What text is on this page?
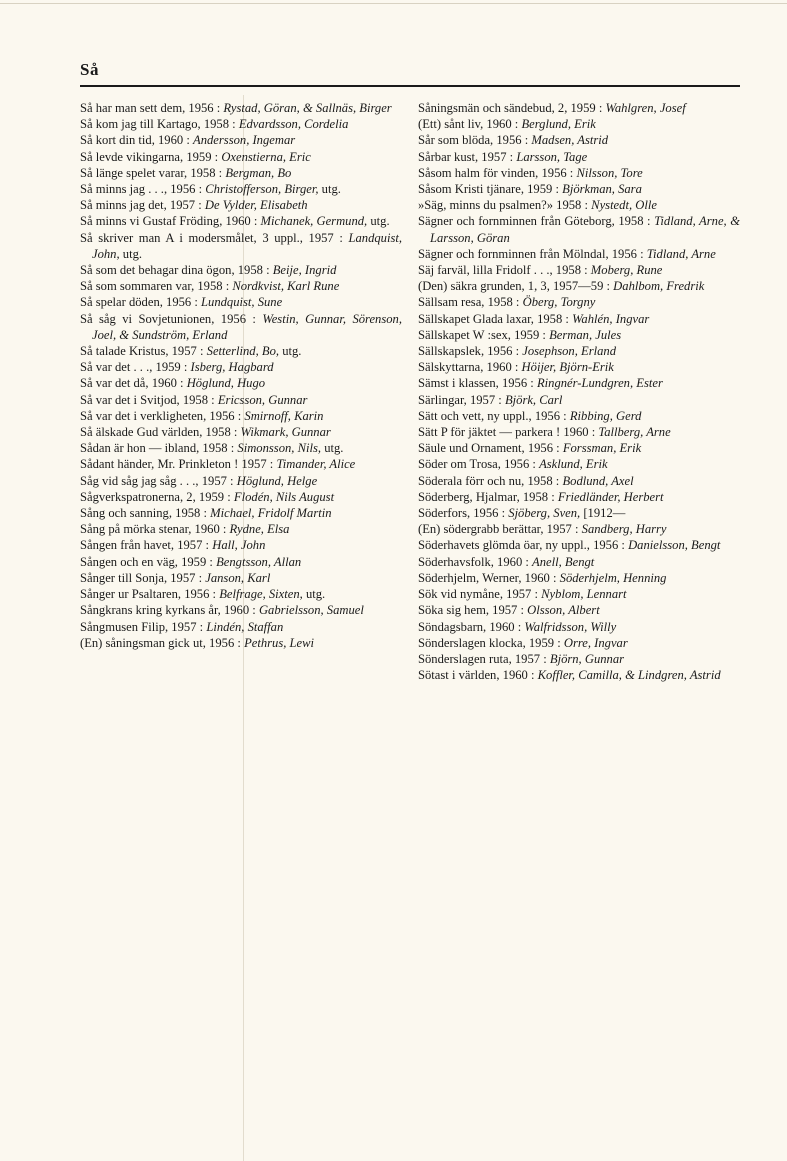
Så
Så har man sett dem, 1956 : Rystad, Göran, & Sallnäs, Birger
Så kom jag till Kartago, 1958 : Edvardsson, Cordelia
Så kort din tid, 1960 : Andersson, Ingemar
Så levde vikingarna, 1959 : Oxenstierna, Eric
Så länge spelet varar, 1958 : Bergman, Bo
Så minns jag . . ., 1956 : Christofferson, Birger, utg.
Så minns jag det, 1957 : De Vylder, Elisabeth
Så minns vi Gustaf Fröding, 1960 : Michanek, Germund, utg.
Så skriver man A i modersmålet, 3 uppl., 1957 : Landquist, John, utg.
Så som det behagar dina ögon, 1958 : Beije, Ingrid
Så som sommaren var, 1958 : Nordkvist, Karl Rune
Så spelar döden, 1956 : Lundquist, Sune
Så såg vi Sovjetunionen, 1956 : Westin, Gunnar, Sörenson, Joel, & Sundström, Erland
Så talade Kristus, 1957 : Setterlind, Bo, utg.
Så var det . . ., 1959 : Isberg, Hagbard
Så var det då, 1960 : Höglund, Hugo
Så var det i Svitjod, 1958 : Ericsson, Gunnar
Så var det i verkligheten, 1956 : Smirnoff, Karin
Så älskade Gud världen, 1958 : Wikmark, Gunnar
Sådan är hon — ibland, 1958 : Simonsson, Nils, utg.
Sådant händer, Mr. Prinkleton ! 1957 : Timander, Alice
Såg vid såg jag såg . . ., 1957 : Höglund, Helge
Sågverkspatronerna, 2, 1959 : Flodén, Nils August
Sång och sanning, 1958 : Michael, Fridolf Martin
Sång på mörka stenar, 1960 : Rydne, Elsa
Sången från havet, 1957 : Hall, John
Sången och en väg, 1959 : Bengtsson, Allan
Sånger till Sonja, 1957 : Janson, Karl
Sånger ur Psaltaren, 1956 : Belfrage, Sixten, utg.
Sångkrans kring kyrkans år, 1960 : Gabrielsson, Samuel
Sångmusen Filip, 1957 : Lindén, Staffan
(En) såningsman gick ut, 1956 : Pethrus, Lewi
Såningsmän och sändebud, 2, 1959 : Wahlgren, Josef
(Ett) sånt liv, 1960 : Berglund, Erik
Sår som blöda, 1956 : Madsen, Astrid
Sårbar kust, 1957 : Larsson, Tage
Såsom halm för vinden, 1956 : Nilsson, Tore
Såsom Kristi tjänare, 1959 : Björkman, Sara
»Säg, minns du psalmen?» 1958 : Nystedt, Olle
Sägner och fornminnen från Göteborg, 1958 : Tidland, Arne, & Larsson, Göran
Sägner och fornminnen från Mölndal, 1956 : Tidland, Arne
Säj farväl, lilla Fridolf . . ., 1958 : Moberg, Rune
(Den) säkra grunden, 1, 3, 1957—59 : Dahlbom, Fredrik
Sällsam resa, 1958 : Öberg, Torgny
Sällskapet Glada laxar, 1958 : Wahlén, Ingvar
Sällskapet W :sex, 1959 : Berman, Jules
Sällskapslek, 1956 : Josephson, Erland
Sälskyttarna, 1960 : Höijer, Björn-Erik
Sämst i klassen, 1956 : Ringnér-Lundgren, Ester
Särlingar, 1957 : Björk, Carl
Sätt och vett, ny uppl., 1956 : Ribbing, Gerd
Sätt P för jäktet — parkera ! 1960 : Tallberg, Arne
Säule und Ornament, 1956 : Forssman, Erik
Söder om Trosa, 1956 : Asklund, Erik
Söderala förr och nu, 1958 : Bodlund, Axel
Söderberg, Hjalmar, 1958 : Friedländer, Herbert
Söderfors, 1956 : Sjöberg, Sven, [1912—
(En) södergrabb berättar, 1957 : Sandberg, Harry
Söderhavets glömda öar, ny uppl., 1956 : Danielsson, Bengt
Söderhavsfolk, 1960 : Anell, Bengt
Söderhjelm, Werner, 1960 : Söderhjelm, Henning
Sök vid nymåne, 1957 : Nyblom, Lennart
Söka sig hem, 1957 : Olsson, Albert
Söndagsbarn, 1960 : Walfridsson, Willy
Sönderslagen klocka, 1959 : Orre, Ingvar
Sönderslagen ruta, 1957 : Björn, Gunnar
Sötast i världen, 1960 : Koffler, Camilla, & Lindgren, Astrid
